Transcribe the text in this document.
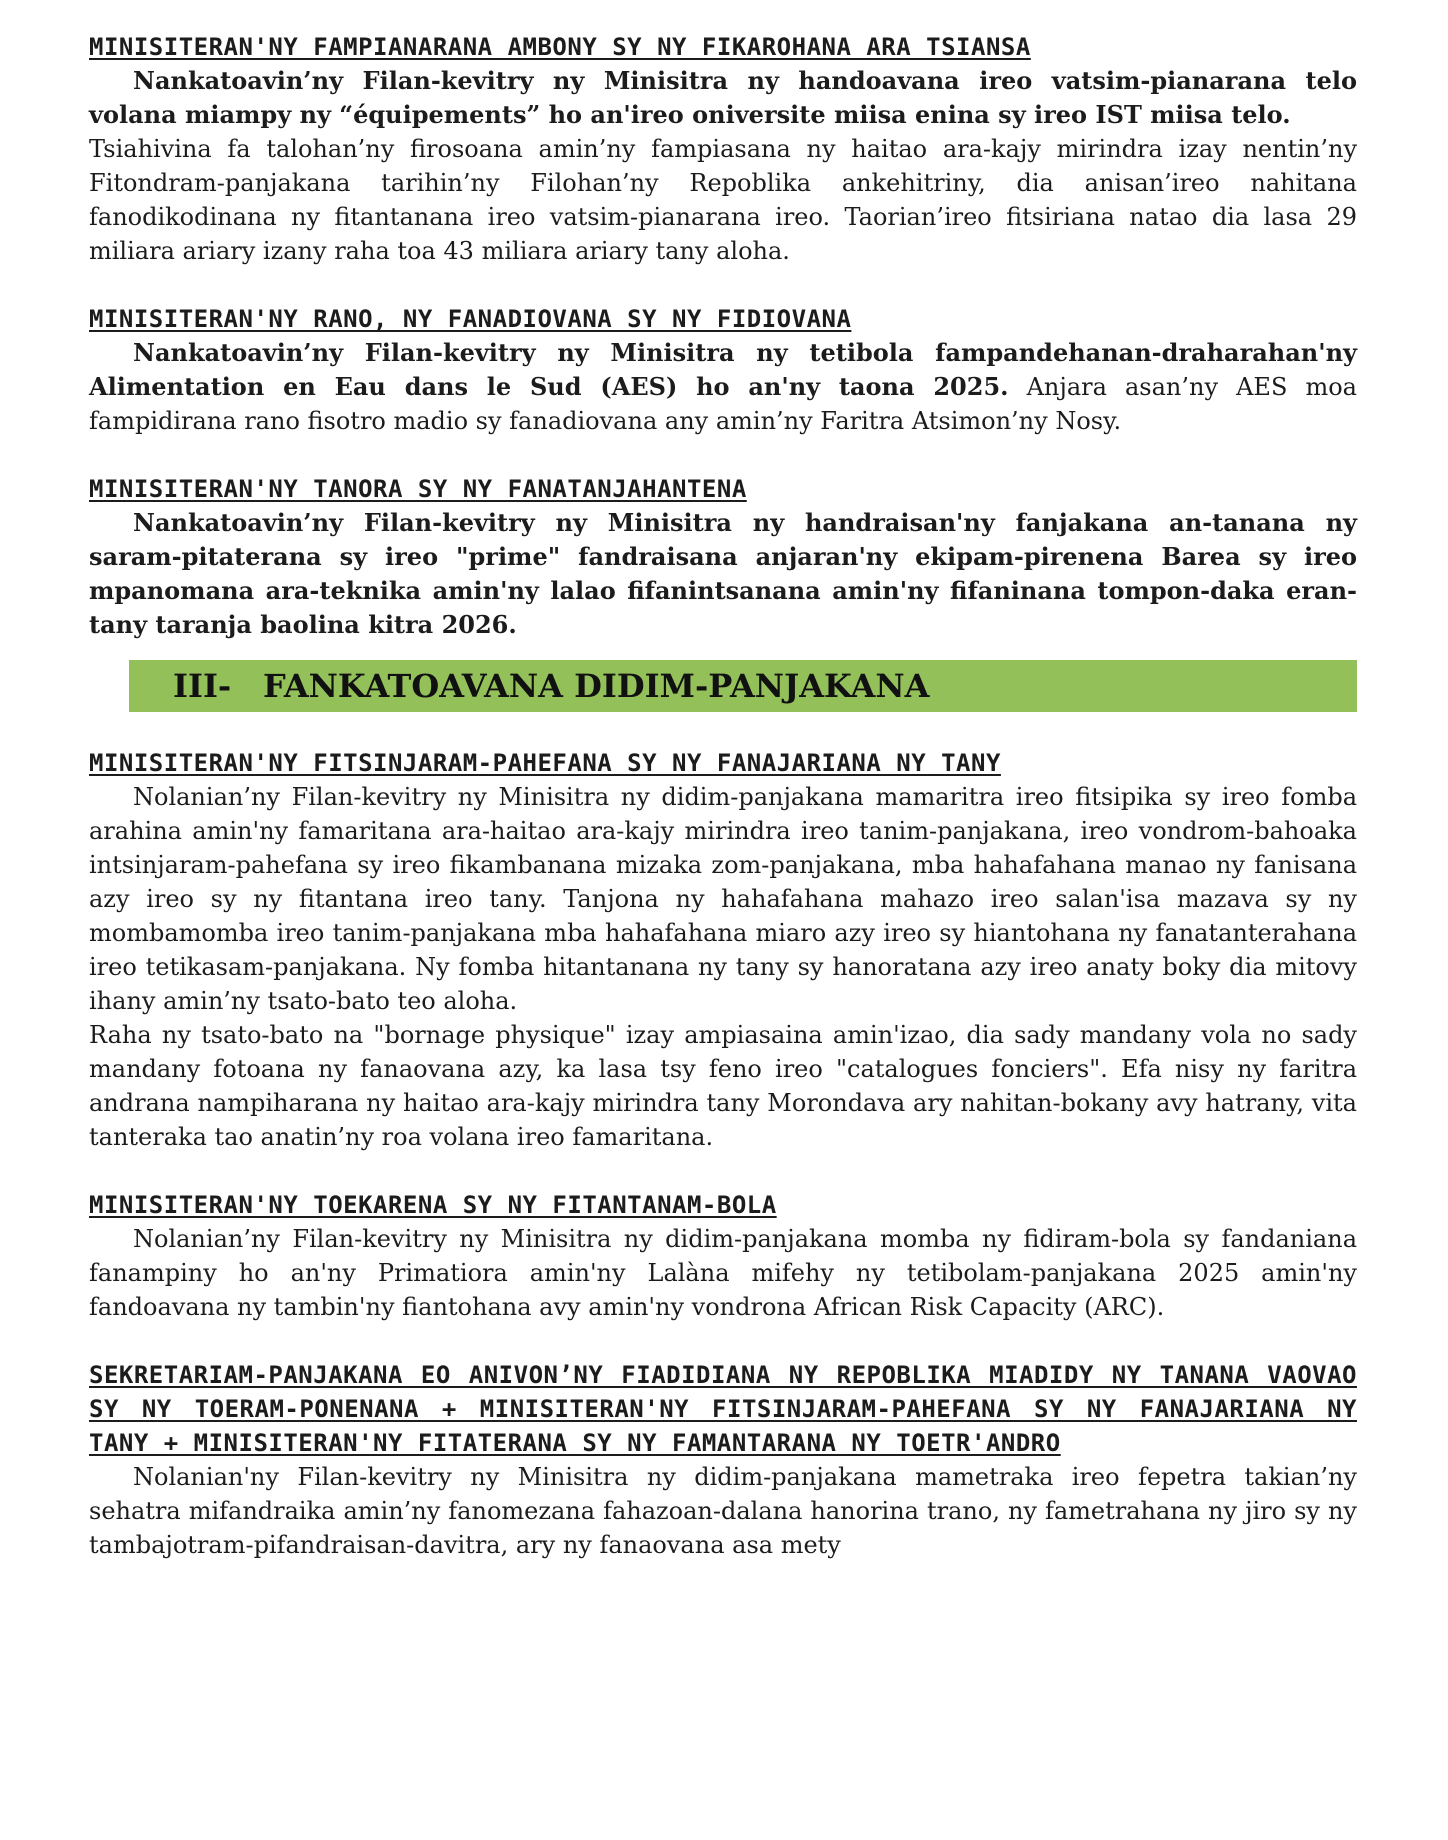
MINISITERAN'NY FAMPIANARANA AMBONY SY NY FIKAROHANA ARA TSIANSA

Nankatoavin’ny Filan-kevitry ny Minisitra ny handoavana ireo vatsim-pianarana telo volana miampy ny “équipements” ho an'ireo oniversite miisa enina sy ireo IST miisa telo.

Tsiahivina fa talohan’ny firosoana amin’ny fampiasana ny haitao ara-kajy mirindra izay nentin’ny Fitondram-panjakana tarihin’ny Filohan’ny Repoblika ankehitriny, dia anisan’ireo nahitana fanodikodinana ny fitantanana ireo vatsim-pianarana ireo. Taorian’ireo fitsiriana natao dia lasa 29 miliara ariary izany raha toa 43 miliara ariary tany aloha.

MINISITERAN'NY RANO, NY FANADIOVANA SY NY FIDIOVANA

Nankatoavin’ny Filan-kevitry ny Minisitra ny tetibola fampandehanan-draharahan'ny Alimentation en Eau dans le Sud (AES) ho an'ny taona 2025. Anjara asan’ny AES moa fampidirana rano fisotro madio sy fanadiovana any amin’ny Faritra Atsimon’ny Nosy.

MINISITERAN'NY TANORA SY NY FANATANJAHANTENA

Nankatoavin’ny Filan-kevitry ny Minisitra ny handraisan'ny fanjakana an-tanana ny saram-pitaterana sy ireo "prime" fandraisana anjaran'ny ekipam-pirenena Barea sy ireo mpanomana ara-teknika amin'ny lalao fifanintsanana amin'ny fifaninana tompon-daka eran-tany taranja baolina kitra 2026.

III- FANKATOAVANA DIDIM-PANJAKANA
MINISITERAN'NY FITSINJARAM-PAHEFANA SY NY FANAJARIANA NY TANY

Nolanian’ny Filan-kevitry ny Minisitra ny didim-panjakana mamaritra ireo fitsipika sy ireo fomba arahina amin'ny famaritana ara-haitao ara-kajy mirindra ireo tanim-panjakana, ireo vondrom-bahoaka intsinjaram-pahefana sy ireo fikambanana mizaka zom-panjakana, mba hahafahana manao ny fanisana azy ireo sy ny fitantana ireo tany. Tanjona ny hahafahana mahazo ireo salan'isa mazava sy ny mombamomba ireo tanim-panjakana mba hahafahana miaro azy ireo sy hiantohana ny fanatanterahana ireo tetikasam-panjakana. Ny fomba hitantanana ny tany sy hanoratana azy ireo anaty boky dia mitovy ihany amin’ny tsato-bato teo aloha.

Raha ny tsato-bato na "bornage physique" izay ampiasaina amin'izao, dia sady mandany vola no sady mandany fotoana ny fanaovana azy, ka lasa tsy feno ireo "catalogues fonciers". Efa nisy ny faritra andrana nampiharana ny haitao ara-kajy mirindra tany Morondava ary nahitan-bokany avy hatrany, vita tanteraka tao anatin’ny roa volana ireo famaritana.

MINISITERAN'NY TOEKARENA SY NY FITANTANAM-BOLA

Nolanian’ny Filan-kevitry ny Minisitra ny didim-panjakana momba ny fidiram-bola sy fandaniana fanampiny ho an'ny Primatiora amin'ny Lalàna mifehy ny tetibolam-panjakana 2025 amin'ny fandoavana ny tambin'ny fiantohana avy amin'ny vondrona African Risk Capacity (ARC).

SEKRETARIAM-PANJAKANA EO ANIVON’NY FIADIDIANA NY REPOBLIKA MIADIDY NY TANANA VAOVAO SY NY TOERAM-PONENANA + MINISITERAN'NY FITSINJARAM-PAHEFANA SY NY FANAJARIANA NY TANY + MINISITERAN'NY FITATERANA SY NY FAMANTARANA NY TOETR'ANDRO

Nolanian'ny Filan-kevitry ny Minisitra ny didim-panjakana mametraka ireo fepetra takian’ny sehatra mifandraika amin’ny fanomezana fahazoan-dalana hanorina trano, ny fametrahana ny jiro sy ny tambajotram-pifandraisan-davitra, ary ny fanaovana asa mety
